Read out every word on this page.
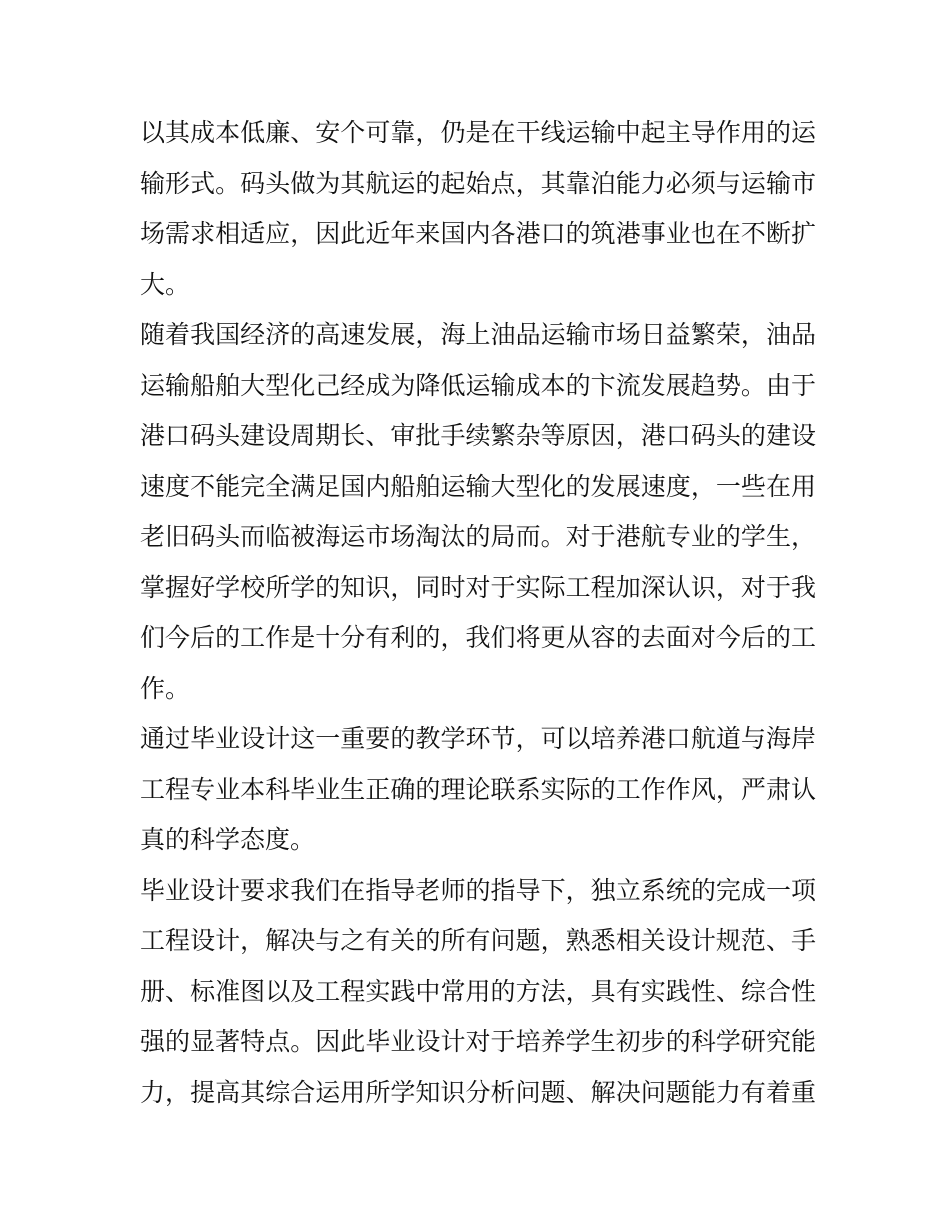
以其成本低廉、安个可靠，仍是在干线运输中起主导作用的运
输形式。码头做为其航运的起始点，其靠泊能力必须与运输市
场需求相适应，因此近年来国内各港口的筑港事业也在不断扩
大。
随着我国经济的高速发展，海上油品运输市场日益繁荣，油品
运输船舶大型化己经成为降低运输成本的卞流发展趋势。由于
港口码头建设周期长、审批手续繁杂等原因，港口码头的建设
速度不能完全满足国内船舶运输大型化的发展速度，一些在用
老旧码头而临被海运市场淘汰的局而。对于港航专业的学生，
掌握好学校所学的知识，同时对于实际工程加深认识，对于我
们今后的工作是十分有利的，我们将更从容的去面对今后的工
作。
通过毕业设计这一重要的教学环节，可以培养港口航道与海岸
工程专业本科毕业生正确的理论联系实际的工作作风，严肃认
真的科学态度。
毕业设计要求我们在指导老师的指导下，独立系统的完成一项
工程设计，解决与之有关的所有问题，熟悉相关设计规范、手
册、标准图以及工程实践中常用的方法，具有实践性、综合性
强的显著特点。因此毕业设计对于培养学生初步的科学研究能
力，提高其综合运用所学知识分析问题、解决问题能力有着重
